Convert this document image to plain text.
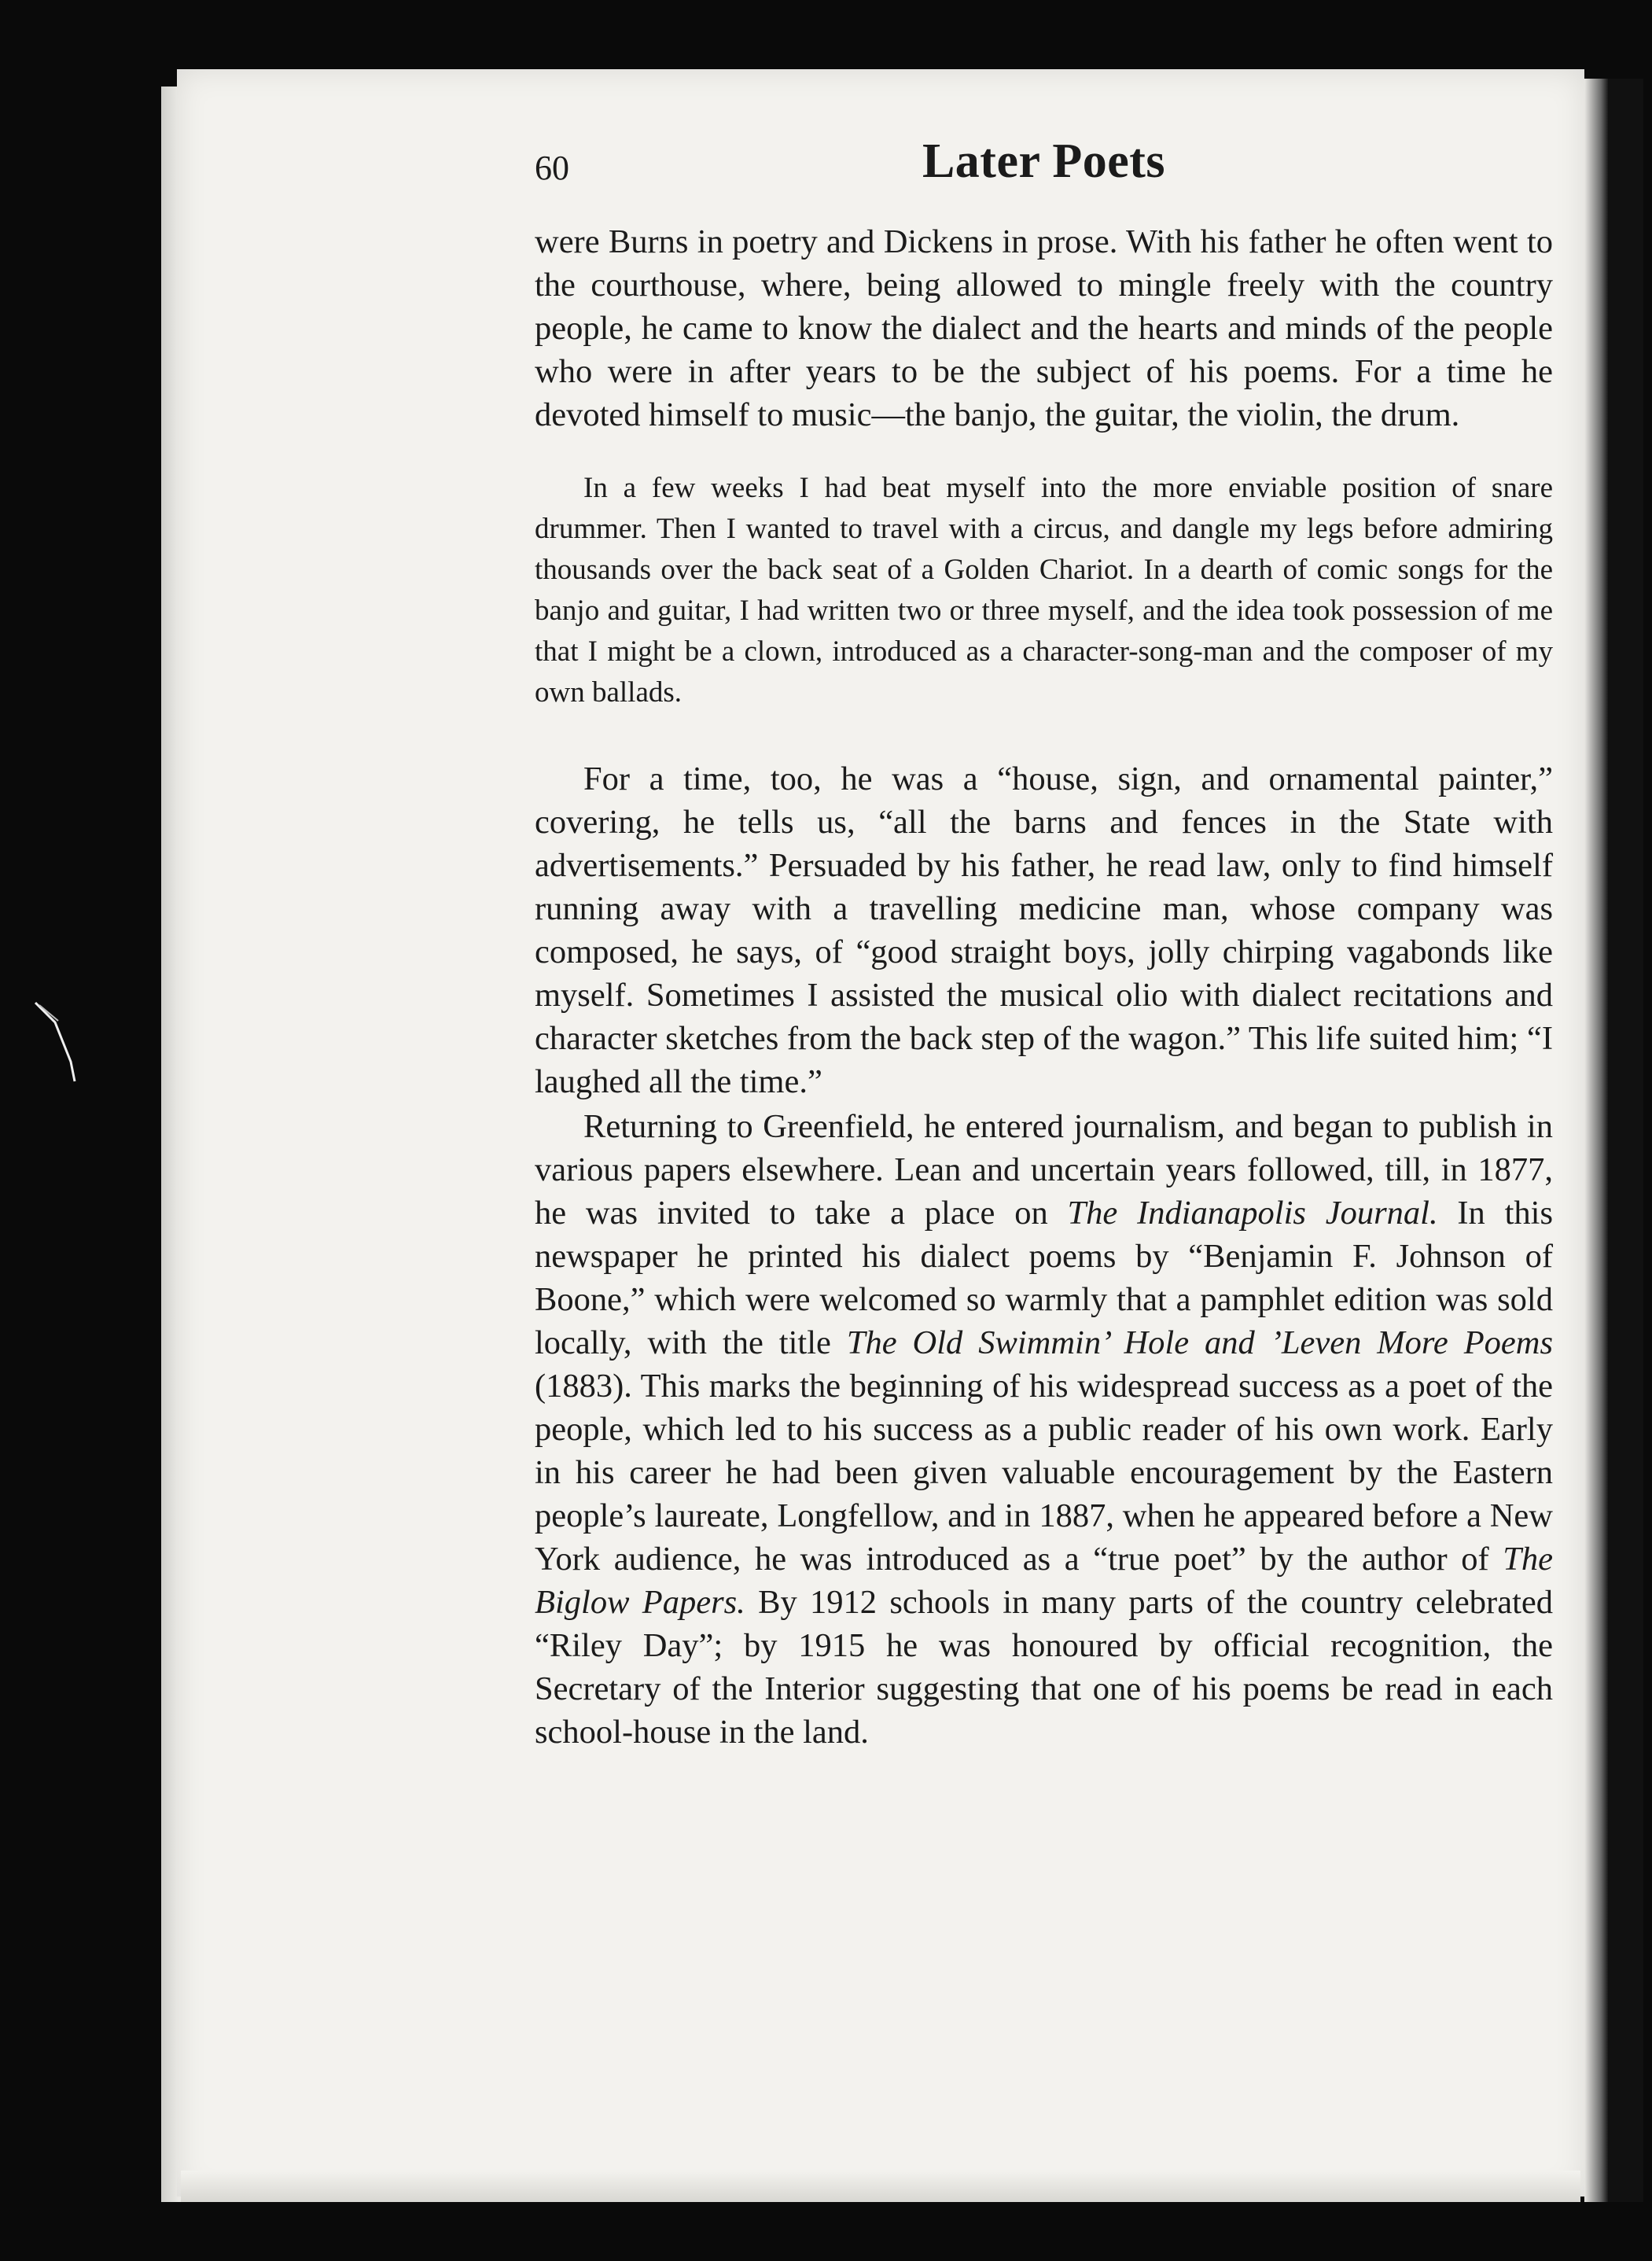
60	Later Poets

were Burns in poetry and Dickens in prose. With his father he often went to the courthouse, where, being allowed to mingle freely with the country people, he came to know the dialect and the hearts and minds of the people who were in after years to be the subject of his poems. For a time he devoted himself to music—the banjo, the guitar, the violin, the drum.

In a few weeks I had beat myself into the more enviable position of snare drummer. Then I wanted to travel with a circus, and dangle my legs before admiring thousands over the back seat of a Golden Chariot. In a dearth of comic songs for the banjo and guitar, I had written two or three myself, and the idea took possession of me that I might be a clown, introduced as a character-song-man and the composer of my own ballads.

For a time, too, he was a “house, sign, and ornamental painter,” covering, he tells us, “all the barns and fences in the State with advertisements.” Persuaded by his father, he read law, only to find himself running away with a travelling medicine man, whose company was composed, he says, of “good straight boys, jolly chirping vagabonds like myself. Sometimes I assisted the musical olio with dialect recitations and character sketches from the back step of the wagon.” This life suited him; “I laughed all the time.”

Returning to Greenfield, he entered journalism, and began to publish in various papers elsewhere. Lean and uncertain years followed, till, in 1877, he was invited to take a place on The Indianapolis Journal. In this newspaper he printed his dialect poems by “Benjamin F. Johnson of Boone,” which were welcomed so warmly that a pamphlet edition was sold locally, with the title The Old Swimmin’ Hole and ’Leven More Poems (1883). This marks the beginning of his widespread success as a poet of the people, which led to his success as a public reader of his own work. Early in his career he had been given valuable encouragement by the Eastern people’s laureate, Longfellow, and in 1887, when he appeared before a New York audience, he was introduced as a “true poet” by the author of The Biglow Papers. By 1912 schools in many parts of the country celebrated “Riley Day”; by 1915 he was honoured by official recognition, the Secretary of the Interior suggesting that one of his poems be read in each school-house in the land.
